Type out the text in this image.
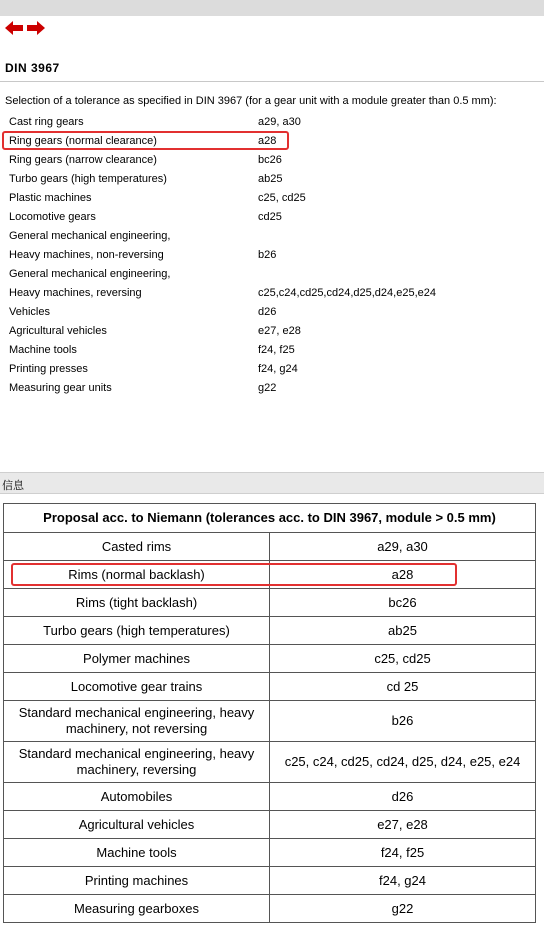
DIN 3967
Selection of a tolerance as specified in DIN 3967 (for a gear unit with a module greater than 0.5 mm):
Cast ring gears	a29, a30
Ring gears (normal clearance)	a28
Ring gears (narrow clearance)	bc26
Turbo gears (high temperatures)	ab25
Plastic machines	c25, cd25
Locomotive gears	cd25
General mechanical engineering,
Heavy machines, non-reversing	b26
General mechanical engineering,
Heavy machines, reversing	c25,c24,cd25,cd24,d25,d24,e25,e24
Vehicles	d26
Agricultural vehicles	e27, e28
Machine tools	f24, f25
Printing presses	f24, g24
Measuring gear units	g22
信息
Proposal acc. to Niemann (tolerances acc. to DIN 3967, module > 0.5 mm)	
Casted rims	a29, a30
Rims (normal backlash)	a28
Rims (tight backlash)	bc26
Turbo gears (high temperatures)	ab25
Polymer machines	c25, cd25
Locomotive gear trains	cd 25
Standard mechanical engineering, heavy machinery, not reversing	b26
Standard mechanical engineering, heavy machinery, reversing	c25, c24, cd25, cd24, d25, d24, e25, e24
Automobiles	d26
Agricultural vehicles	e27, e28
Machine tools	f24, f25
Printing machines	f24, g24
Measuring gearboxes	g22
